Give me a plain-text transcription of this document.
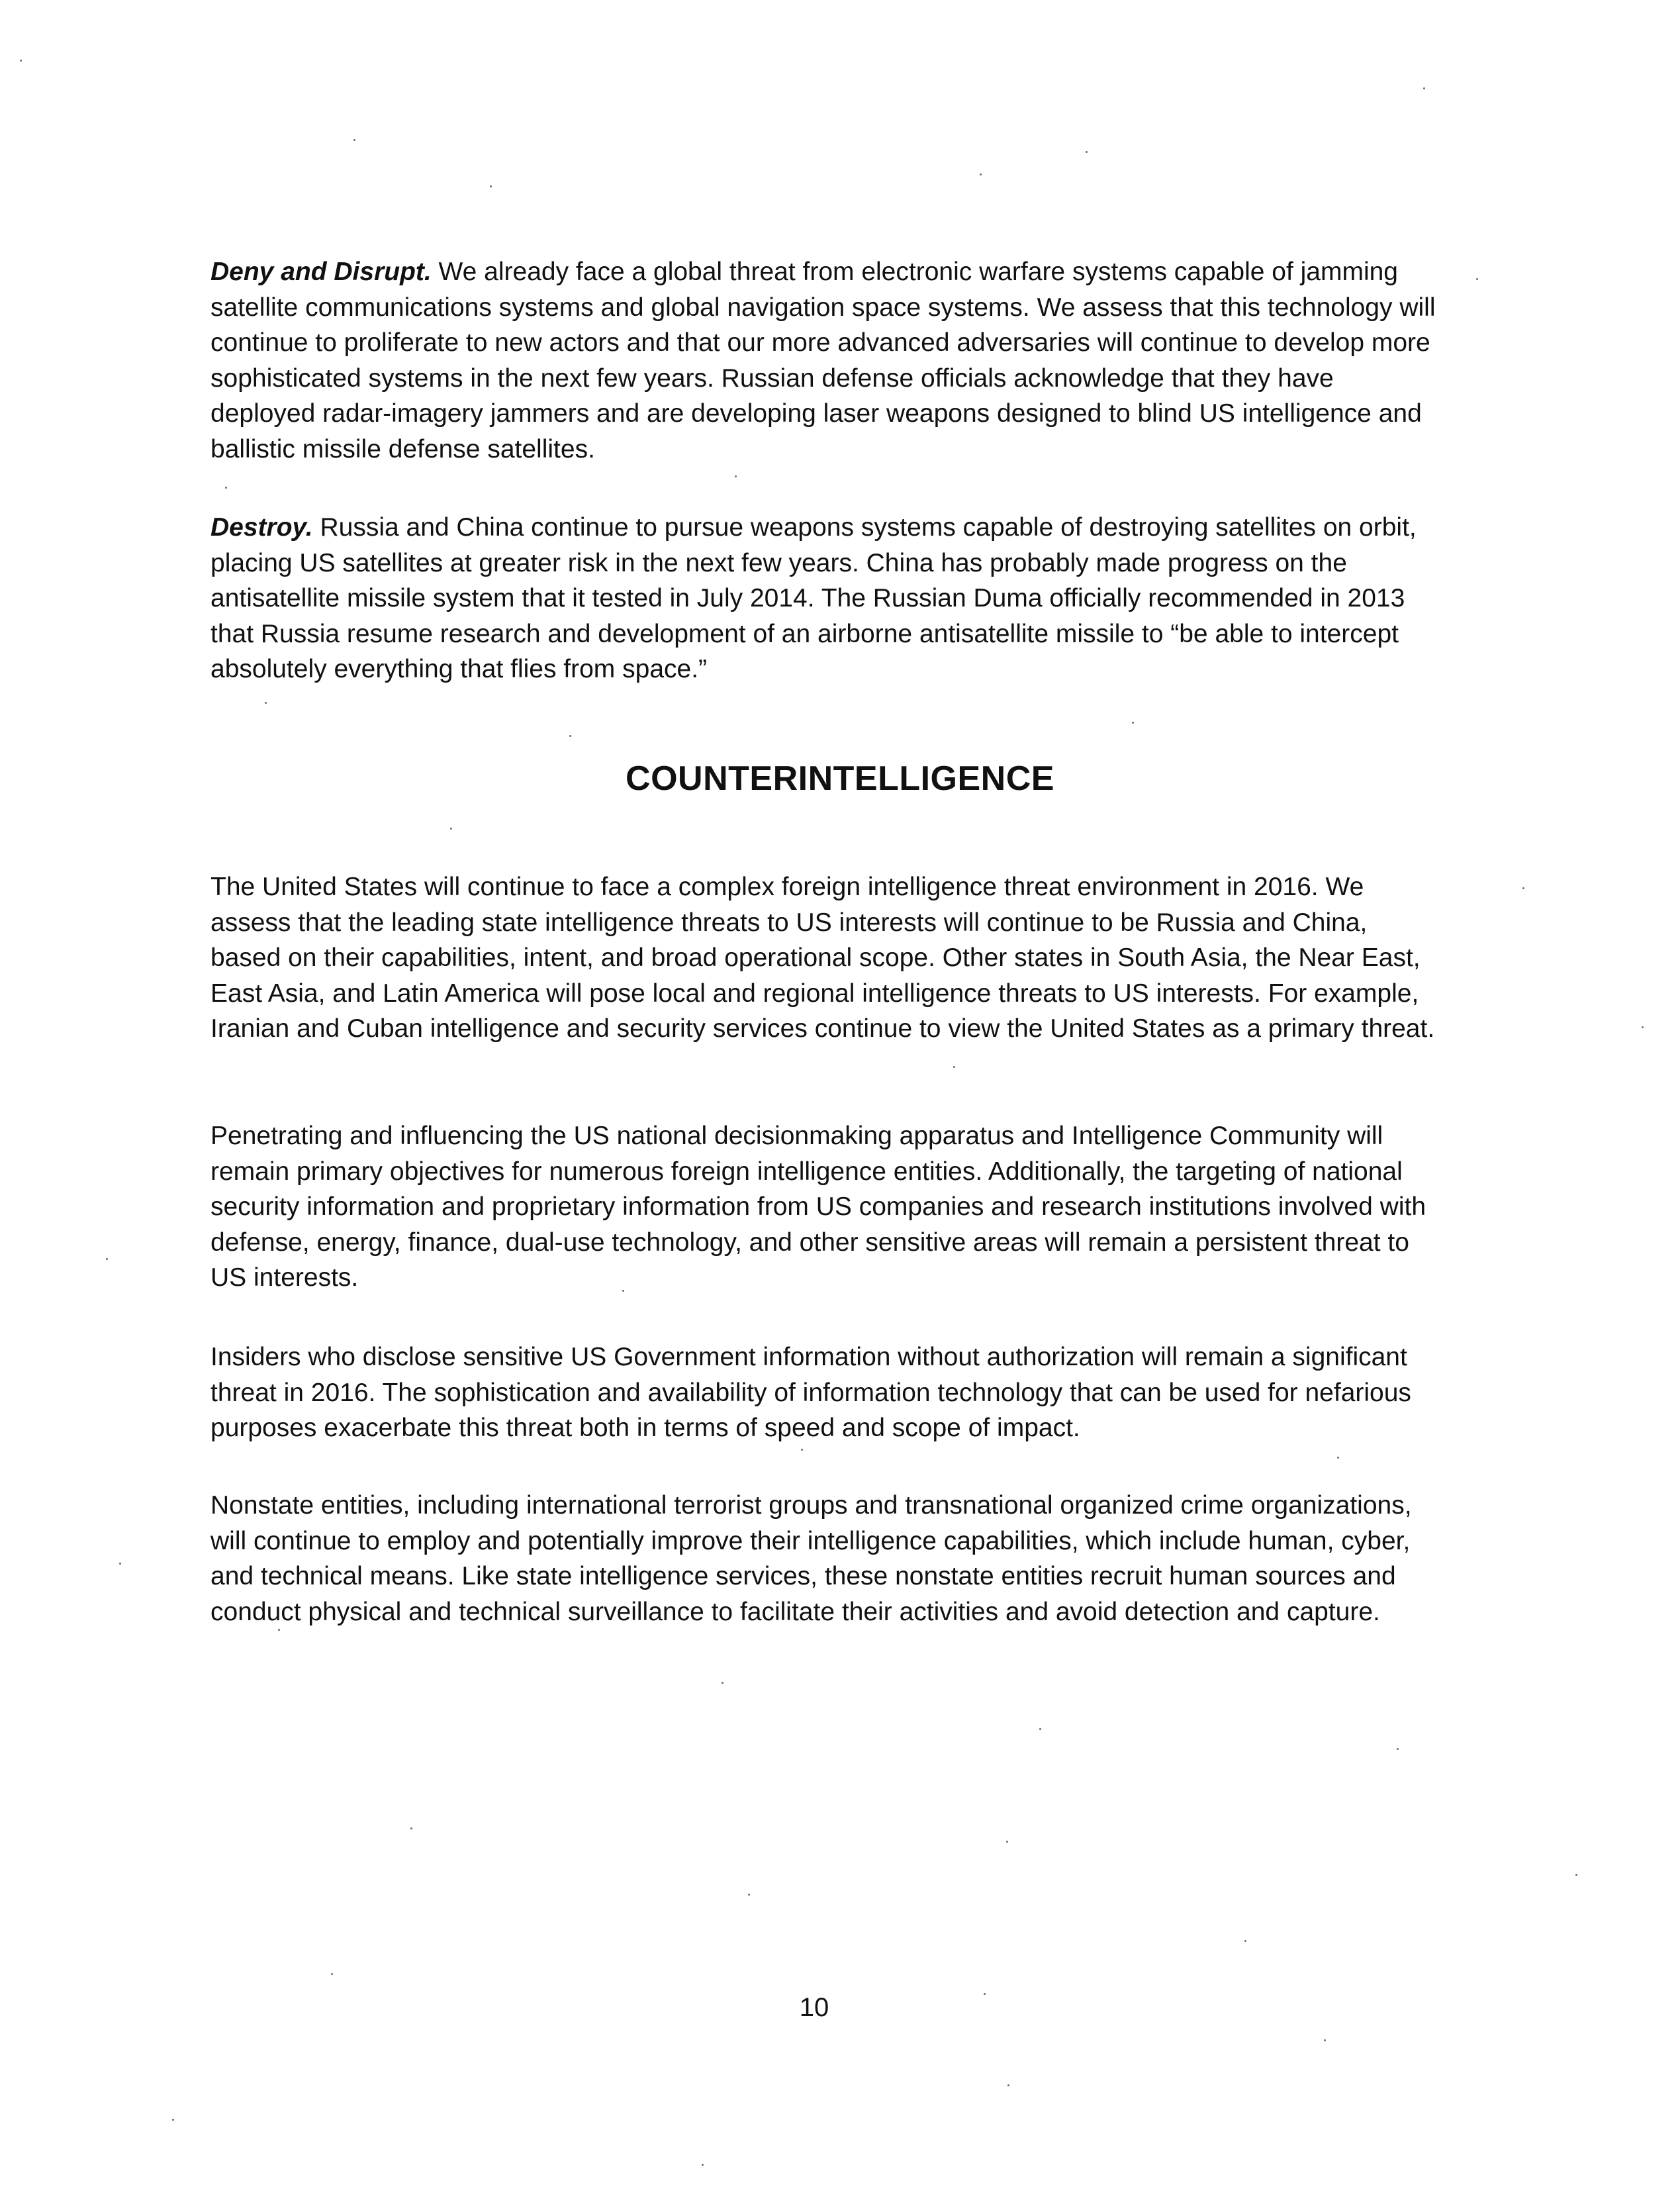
Deny and Disrupt. We already face a global threat from electronic warfare systems capable of jamming satellite communications systems and global navigation space systems. We assess that this technology will continue to proliferate to new actors and that our more advanced adversaries will continue to develop more sophisticated systems in the next few years. Russian defense officials acknowledge that they have deployed radar-imagery jammers and are developing laser weapons designed to blind US intelligence and ballistic missile defense satellites.

Destroy. Russia and China continue to pursue weapons systems capable of destroying satellites on orbit, placing US satellites at greater risk in the next few years. China has probably made progress on the antisatellite missile system that it tested in July 2014. The Russian Duma officially recommended in 2013 that Russia resume research and development of an airborne antisatellite missile to “be able to intercept absolutely everything that flies from space.”

COUNTERINTELLIGENCE

The United States will continue to face a complex foreign intelligence threat environment in 2016. We assess that the leading state intelligence threats to US interests will continue to be Russia and China, based on their capabilities, intent, and broad operational scope. Other states in South Asia, the Near East, East Asia, and Latin America will pose local and regional intelligence threats to US interests. For example, Iranian and Cuban intelligence and security services continue to view the United States as a primary threat.

Penetrating and influencing the US national decisionmaking apparatus and Intelligence Community will remain primary objectives for numerous foreign intelligence entities. Additionally, the targeting of national security information and proprietary information from US companies and research institutions involved with defense, energy, finance, dual-use technology, and other sensitive areas will remain a persistent threat to US interests.

Insiders who disclose sensitive US Government information without authorization will remain a significant threat in 2016. The sophistication and availability of information technology that can be used for nefarious purposes exacerbate this threat both in terms of speed and scope of impact.

Nonstate entities, including international terrorist groups and transnational organized crime organizations, will continue to employ and potentially improve their intelligence capabilities, which include human, cyber, and technical means. Like state intelligence services, these nonstate entities recruit human sources and conduct physical and technical surveillance to facilitate their activities and avoid detection and capture.

10
